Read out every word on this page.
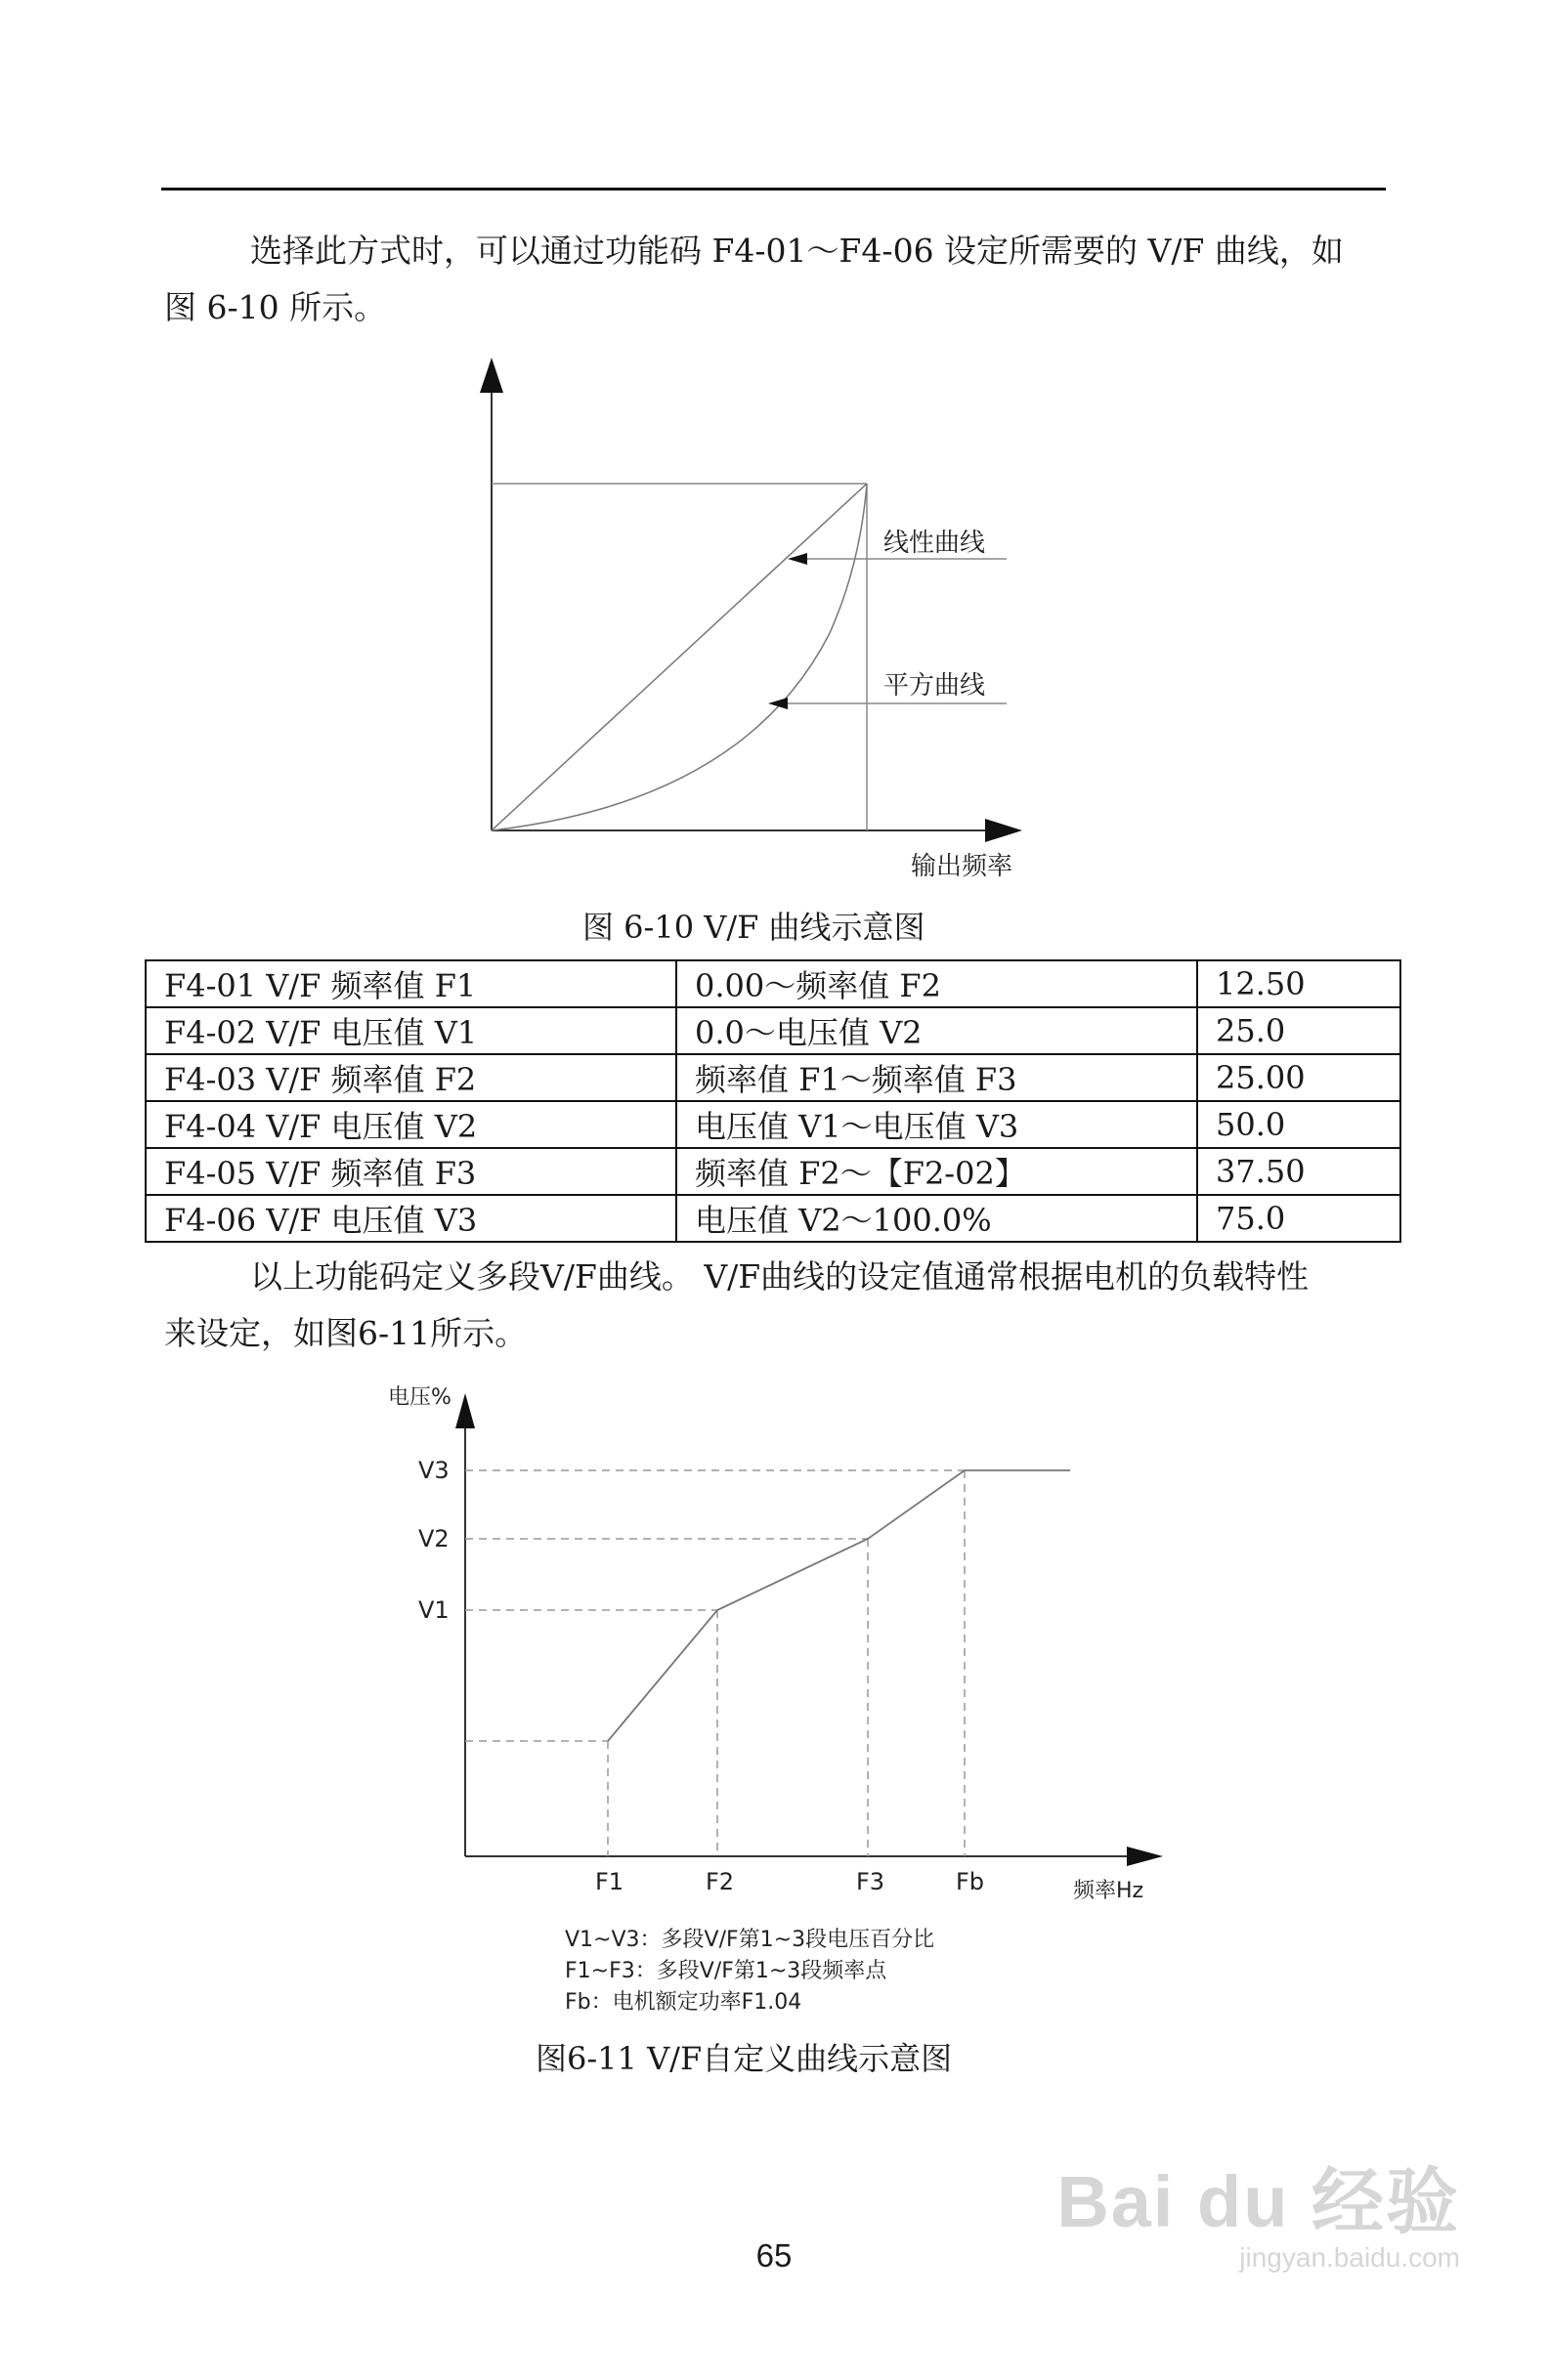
选择此方式时，可以通过功能码 F4-01～F4-06 设定所需要的 V/F 曲线，如
图 6-10 所示。
线性曲线
平方曲线
输出频率
图 6-10 V/F 曲线示意图
F4-01 V/F 频率值 F1	0.00～频率值 F2	12.50
F4-02 V/F 电压值 V1	0.0～电压值 V2	25.0
F4-03 V/F 频率值 F2	频率值 F1～频率值 F3	25.00
F4-04 V/F 电压值 V2	电压值 V1～电压值 V3	50.0
F4-05 V/F 频率值 F3	频率值 F2～【F2-02】	37.50
F4-06 V/F 电压值 V3	电压值 V2～100.0%	75.0
以上功能码定义多段V/F曲线。 V/F曲线的设定值通常根据电机的负载特性
来设定，如图6-11所示。
电压%
V3
V2
V1
F1	F2	F3	Fb	频率Hz
V1~V3：多段V/F第1~3段电压百分比
F1~F3：多段V/F第1~3段频率点
Fb：电机额定功率F1.04
图6-11 V/F自定义曲线示意图
65
Bai du 经验
jingyan.baidu.com
